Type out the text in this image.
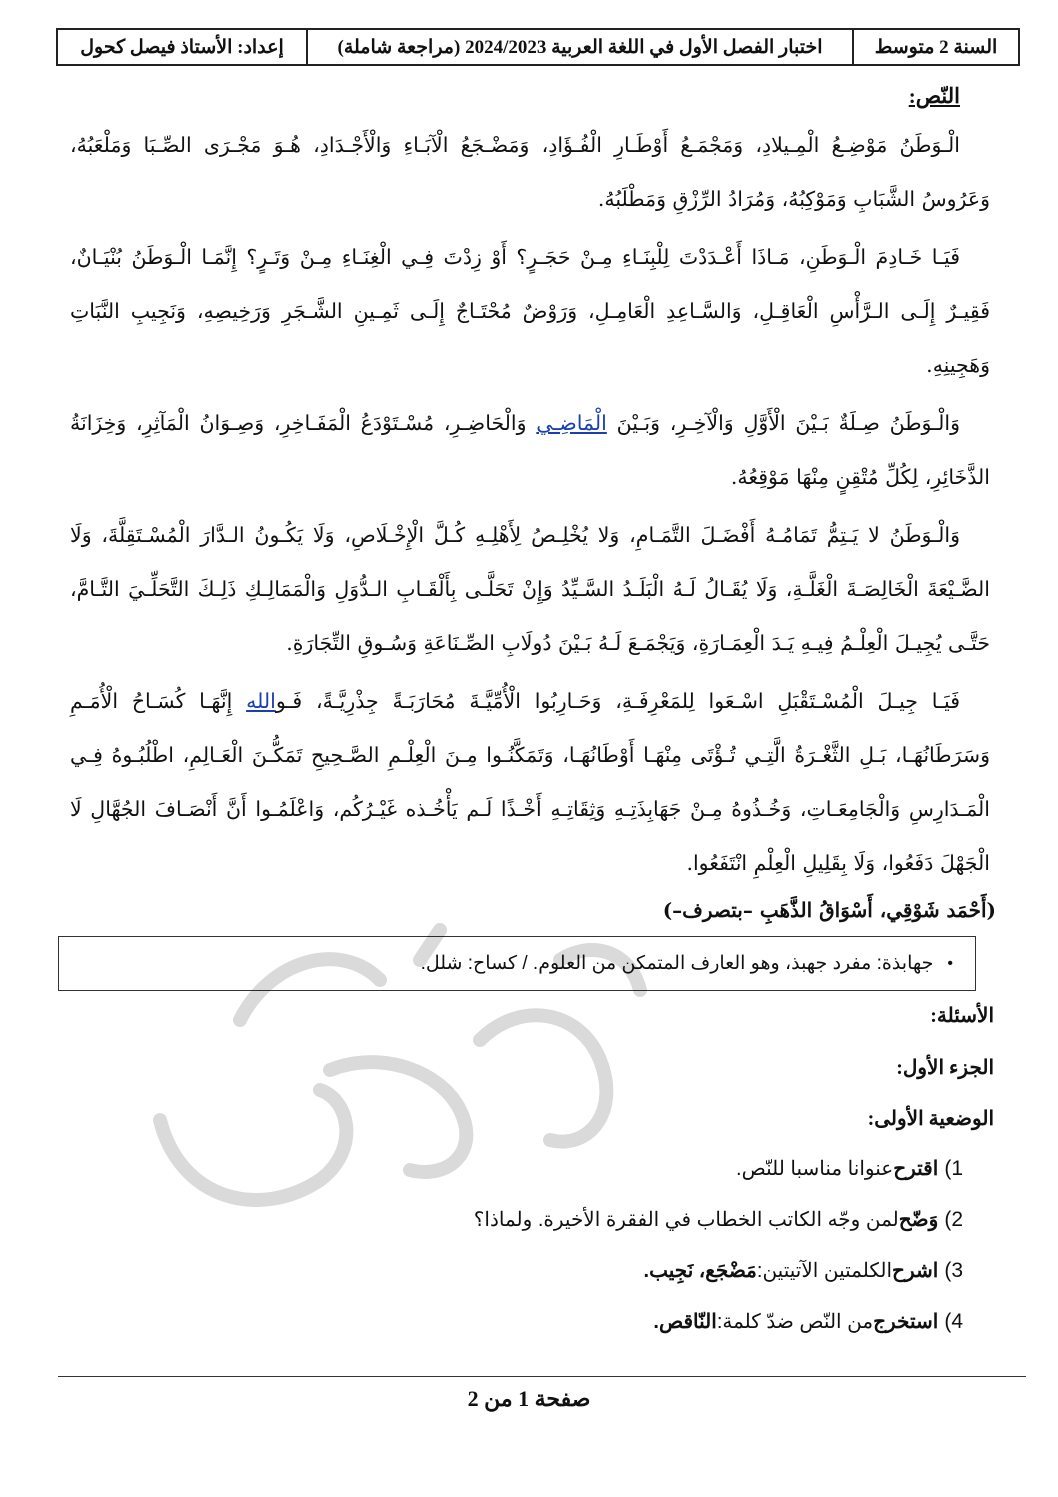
السنة 2 متوسط
اختبار الفصل الأول في اللغة العربية 2024/2023 (مراجعة شاملة)
إعداد: الأستاذ فيصل كحول
النّص:

الْـوَطَنُ مَوْضِـعُ الْمِـيلادِ، وَمَجْمَـعُ أَوْطَـارِ الْفُـؤَادِ، وَمَضْـجَعُ الْآبَـاءِ وَالْأَجْـدَادِ، هُـوَ مَجْـرَى الصِّـبَا وَمَلْعَبُهُ، وَعَرُوسُ الشَّبَابِ وَمَوْكِبُهُ، وَمُرَادُ الرِّزْقِ وَمَطْلَبُهُ.

فَيَـا خَـادِمَ الْـوَطَنِ، مَـاذَا أَعْـدَدْتَ لِلْبِنَـاءِ مِـنْ حَجَـرٍ؟ أَوْ زِدْتَ فِـي الْغِنَـاءِ مِـنْ وَتَـرٍ؟ إِنَّمَـا الْـوَطَنُ بُنْيَـانٌ، فَقِيـرٌ إِلَـى الـرَّأْسِ الْعَاقِـلِ، وَالسَّـاعِدِ الْعَامِـلِ، وَرَوْضٌ مُحْتَـاجٌ إِلَـى ثَمِـينِ الشَّـجَرِ وَرَخِيصِهِ، وَنَجِيبِ النَّبَاتِ وَهَجِينِهِ.

وَالْـوَطَنُ صِـلَةٌ بَـيْنَ الْأَوَّلِ وَالْآخِـرِ، وَبَـيْنَ الْمَاضِـي وَالْحَاضِـرِ، مُسْـتَوْدَعُ الْمَفَـاخِرِ، وَصِـوَانُ الْمَآثِرِ، وَخِزَانَةُ الذَّخَائِرِ، لِكُلِّ مُتْقِنٍ مِنْهَا مَوْقِعُهُ.

وَالْـوَطَنُ لا يَـتِمُّ تَمَامُـهُ أَفْضَـلَ التَّمَـامِ، وَلا يُخْلِـصُ لِأَهْلِـهِ كُـلَّ الْإِخْـلَاصِ، وَلَا يَكُـونُ الـدَّارَ الْمُسْـتَقِلَّةَ، وَلَا الضَّـيْعَةَ الْخَالِصَـةَ الْغَلَّـةِ، وَلَا يُقَـالُ لَـهُ الْبَلَـدُ السَّـيِّدُ وَإِنْ تَحَلَّـى بِأَلْقَـابِ الـدُّوَلِ وَالْمَمَالِـكِ ذَلِـكَ التَّحَلِّـيَ التَّـامَّ، حَتَّـى يُجِيـلَ الْعِلْـمُ فِيـهِ يَـدَ الْعِمَـارَةِ، وَيَجْمَـعَ لَـهُ بَـيْنَ دُولَابِ الصِّـنَاعَةِ وَسُـوقِ التِّجَارَةِ.

فَيَـا جِيـلَ الْمُسْـتَقْبَلِ اسْـعَوا لِلمَعْرِفَـةِ، وَحَـارِبُوا الْأُمِّيَّـةَ مُحَارَبَـةً جِذْرِيَّـةً، فَـوالله إِنَّهَـا كُسَـاحُ الْأُمَـمِ وَسَرَطَانُهَـا، بَـلِ الثَّغْـرَةُ الَّتِـي تُـؤْتَى مِنْهَـا أَوْطَانُهَـا، وَتَمَكَّنُـوا مِـنَ الْعِلْـمِ الصَّـحِيحِ تَمَكُّـنَ الْعَـالِمِ، اطْلُبُـوهُ فِـي الْمَـدَارِسِ وَالْجَامِعَـاتِ، وَخُـذُوهُ مِـنْ جَهَابِذَتِـهِ وَثِقَاتِـهِ أَخْـذًا لَـم يَأْخُـذه غَيْـرُكُم، وَاعْلَمُـوا أَنَّ أَنْصَـافَ الجُهَّالِ لَا الْجَهْلَ دَفَعُوا، وَلَا بِقَلِيلِ الْعِلْمِ انْتَفَعُوا.

(أَحْمَد شَوْقِي، أَسْوَاقُ الذَّهَبِ –بتصرف–)
•
جهابذة: مفرد جهبذ، وهو العارف المتمكن من العلوم. / كساح: شلل.
الأسئلة:
الجزء الأول:
الوضعية الأولى:
1)
اقترح
عنوانا مناسبا للنّص.
2)
وَضّح
لمن وجّه الكاتب الخطاب في الفقرة الأخيرة. ولماذا؟
3)
اشرح
الكلمتين الآتيتين:
مَضْجَع، نَجِيب.
4)
استخرج
من النّص ضدّ كلمة:
النّاقص.
صفحة 1 من 2
